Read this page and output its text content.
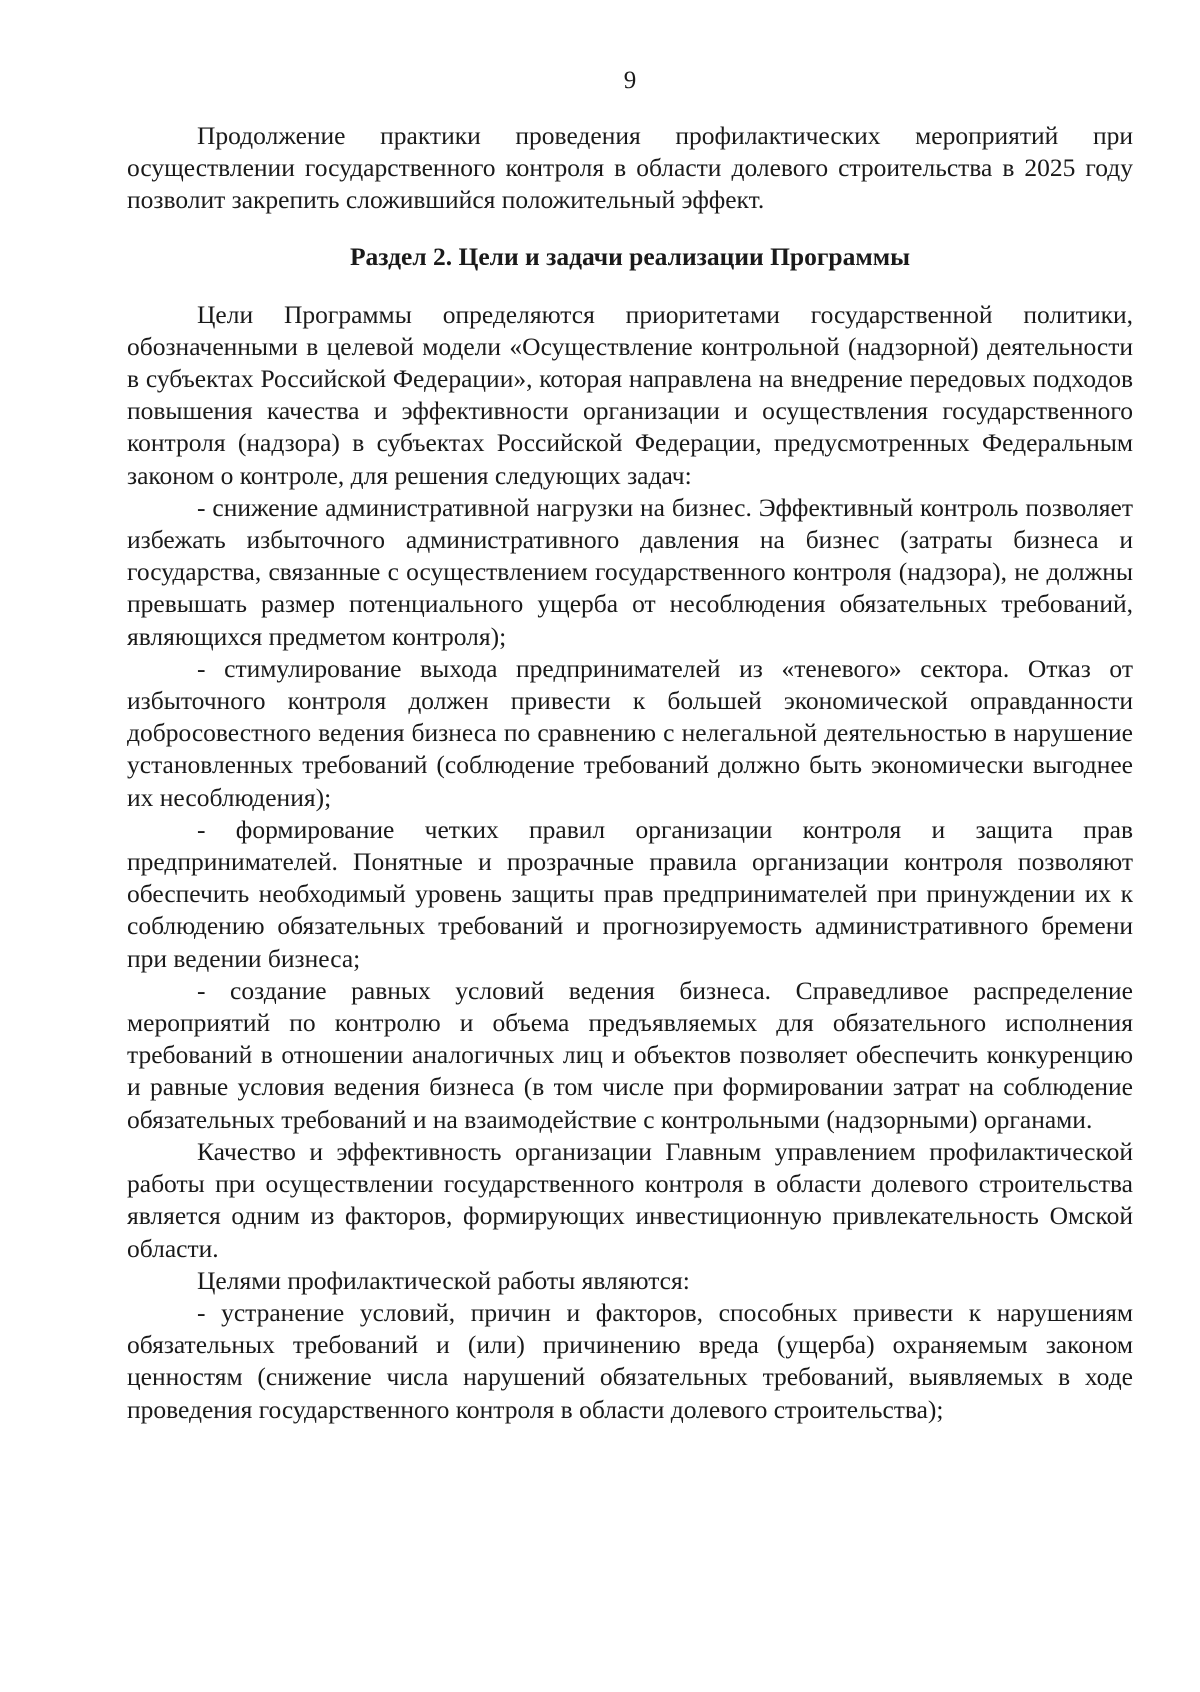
9

Продолжение практики проведения профилактических мероприятий при осуществлении государственного контроля в области долевого строительства в 2025 году позволит закрепить сложившийся положительный эффект.

Раздел 2. Цели и задачи реализации Программы

Цели Программы определяются приоритетами государственной политики, обозначенными в целевой модели «Осуществление контрольной (надзорной) деятельности в субъектах Российской Федерации», которая направлена на внедрение передовых подходов повышения качества и эффективности организации и осуществления государственного контроля (надзора) в субъектах Российской Федерации, предусмотренных Федеральным законом о контроле, для решения следующих задач:

- снижение административной нагрузки на бизнес. Эффективный контроль позволяет избежать избыточного административного давления на бизнес (затраты бизнеса и государства, связанные с осуществлением государственного контроля (надзора), не должны превышать размер потенциального ущерба от несоблюдения обязательных требований, являющихся предметом контроля);

- стимулирование выхода предпринимателей из «теневого» сектора. Отказ от избыточного контроля должен привести к большей экономической оправданности добросовестного ведения бизнеса по сравнению с нелегальной деятельностью в нарушение установленных требований (соблюдение требований должно быть экономически выгоднее их несоблюдения);

- формирование четких правил организации контроля и защита прав предпринимателей. Понятные и прозрачные правила организации контроля позволяют обеспечить необходимый уровень защиты прав предпринимателей при принуждении их к соблюдению обязательных требований и прогнозируемость административного бремени при ведении бизнеса;

- создание равных условий ведения бизнеса. Справедливое распределение мероприятий по контролю и объема предъявляемых для обязательного исполнения требований в отношении аналогичных лиц и объектов позволяет обеспечить конкуренцию и равные условия ведения бизнеса (в том числе при формировании затрат на соблюдение обязательных требований и на взаимодействие с контрольными (надзорными) органами.

Качество и эффективность организации Главным управлением профилактической работы при осуществлении государственного контроля в области долевого строительства является одним из факторов, формирующих инвестиционную привлекательность Омской области.

Целями профилактической работы являются:

- устранение условий, причин и факторов, способных привести к нарушениям обязательных требований и (или) причинению вреда (ущерба) охраняемым законом ценностям (снижение числа нарушений обязательных требований, выявляемых в ходе проведения государственного контроля в области долевого строительства);
